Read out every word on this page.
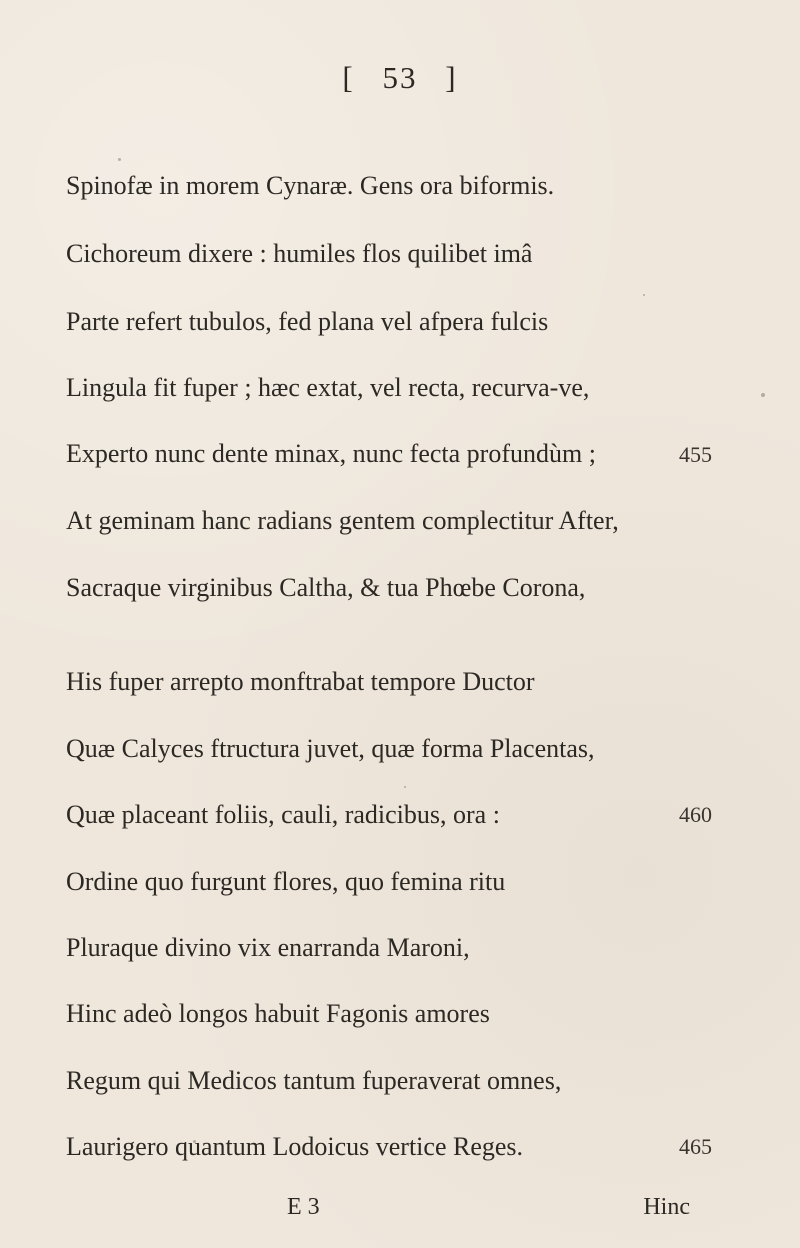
[ 53 ]
Spinofæ in morem Cynaræ. Gens ora biformis.
Cichoreum dixere : humiles flos quilibet imâ
Parte refert tubulos, fed plana vel afpera fulcis
Lingula fit fuper ; hæc extat, vel recta, recurva-ve,
Experto nunc dente minax, nunc fecta profundùm ;	455
At geminam hanc radians gentem complectitur After,
Sacraque virginibus Caltha, & tua Phœbe Corona,
His fuper arrepto monftrabat tempore Ductor
Quæ Calyces ftructura juvet, quæ forma Placentas,
Quæ placeant foliis, cauli, radicibus, ora :	460
Ordine quo furgunt flores, quo femina ritu
Pluraque divino vix enarranda Maroni,
Hinc adeò longos habuit Fagonis amores
Regum qui Medicos tantum fuperaverat omnes,
Laurigero quantum Lodoicus vertice Reges.	465
E 3	Hinc
